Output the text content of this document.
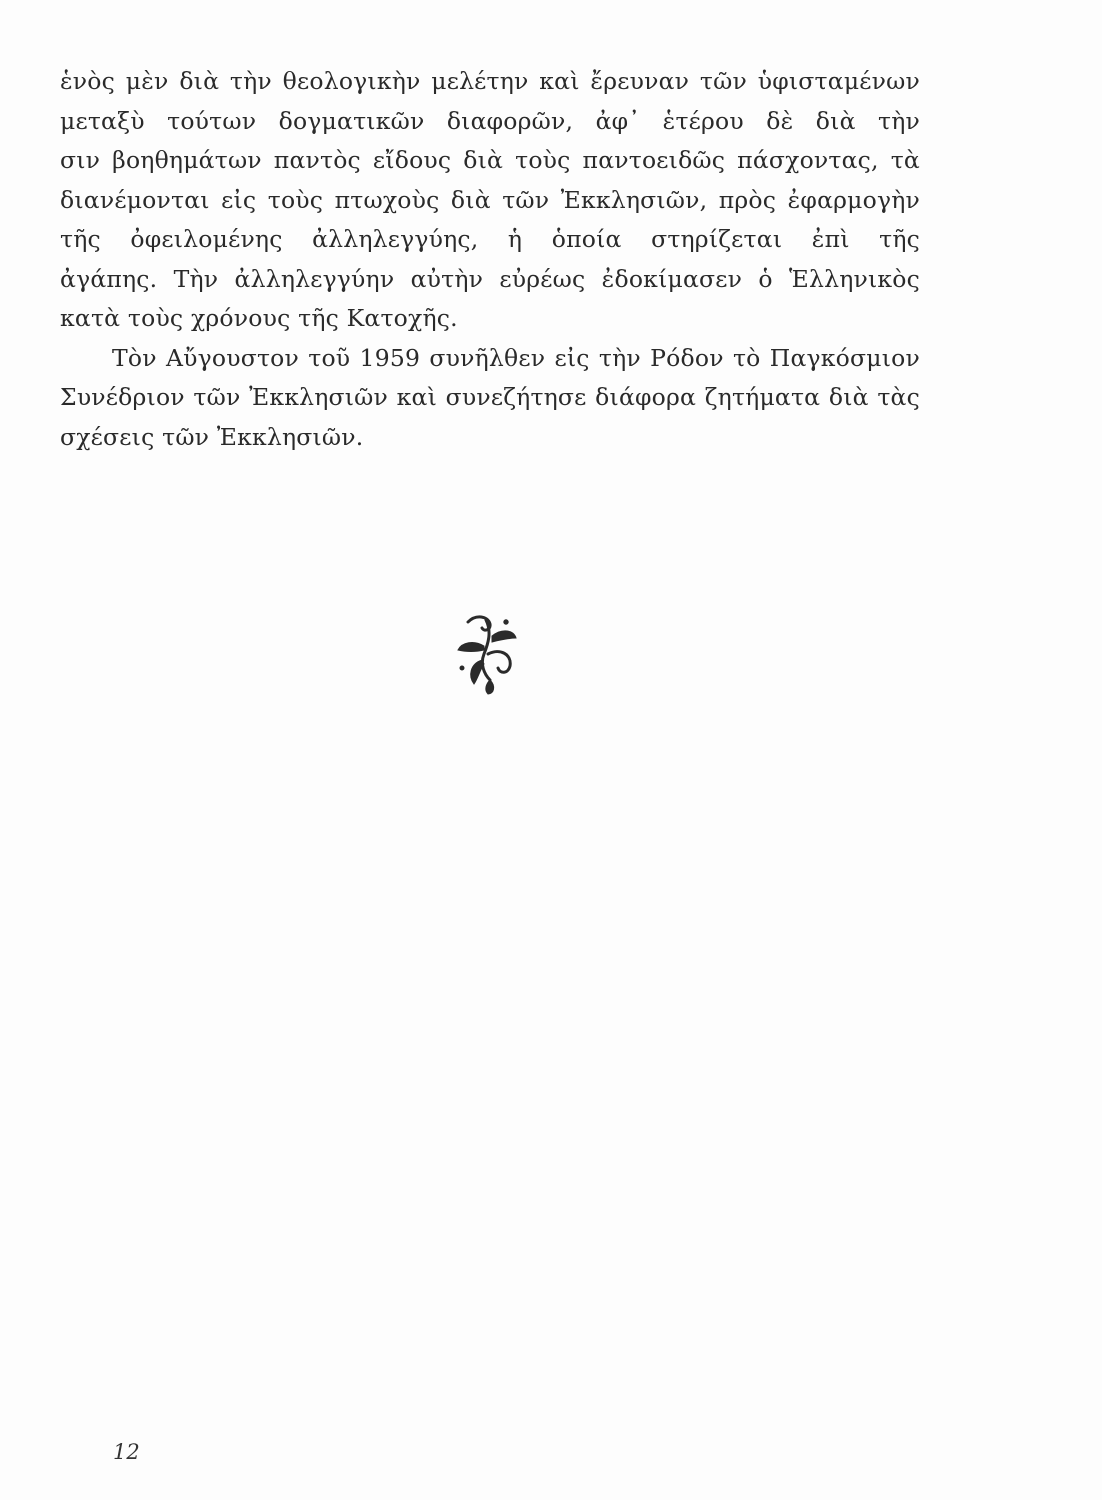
ἑνὸς μὲν διὰ τὴν θεολογικὴν μελέτην καὶ ἔρευναν τῶν ὑφισταμένων
μεταξὺ τούτων δογματικῶν διαφορῶν, ἀφ᾽ ἑτέρου δὲ διὰ τὴν
σιν βοηθημάτων παντὸς εἴδους διὰ τοὺς παντοειδῶς πάσχοντας, τὰ
διανέμονται εἰς τοὺς πτωχοὺς διὰ τῶν Ἐκκλησιῶν, πρὸς ἐφαρμογὴν
τῆς ὀφειλομένης ἀλληλεγγύης, ἡ ὁποία στηρίζεται ἐπὶ τῆς
ἀγάπης. Τὴν ἀλληλεγγύην αὐτὴν εὐρέως ἐδοκίμασεν ὁ Ἑλληνικὸς
κατὰ τοὺς χρόνους τῆς Κατοχῆς.
Τὸν Αὔγουστον τοῦ 1959 συνῆλθεν εἰς τὴν Ρόδον τὸ Παγκόσμιον
Συνέδριον τῶν Ἐκκλησιῶν καὶ συνεζήτησε διάφορα ζητήματα διὰ τὰς
σχέσεις τῶν Ἐκκλησιῶν.
12
